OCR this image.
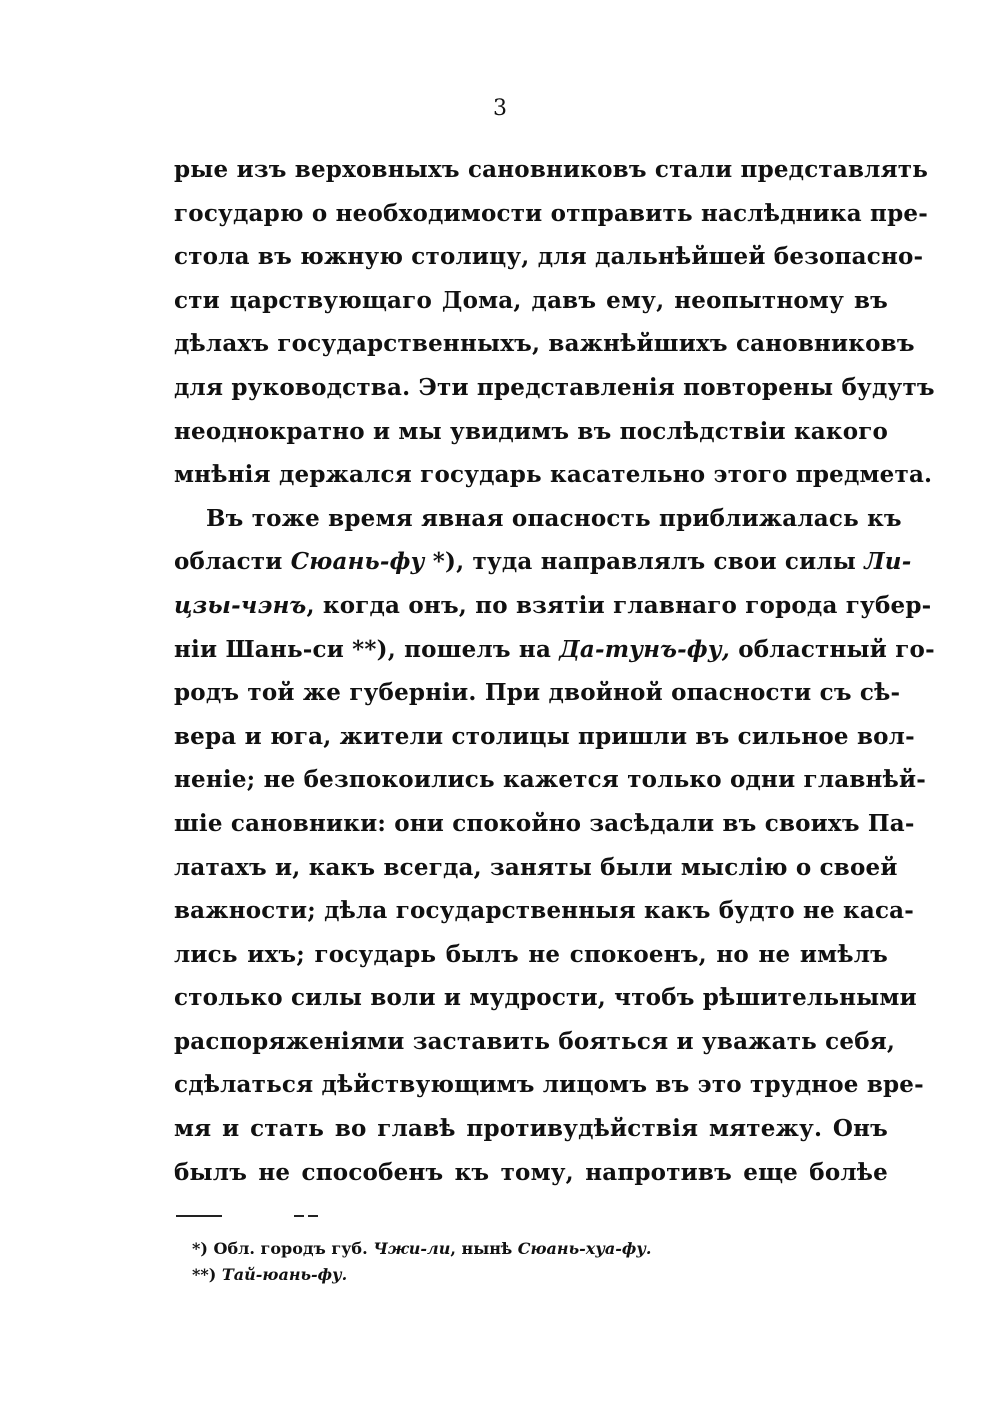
3
рые изъ верховныхъ сановниковъ стали представлять
государю о необходимости отправить наслѣдника пре-
стола въ южную столицу, для дальнѣйшей безопасно-
сти царствующаго Дома, давъ ему, неопытному въ
дѣлахъ государственныхъ, важнѣйшихъ сановниковъ
для руководства. Эти представленія повторены будутъ
неоднократно и мы увидимъ въ послѣдствіи какого
мнѣнія держался государь касательно этого предмета.
Въ тоже время явная опасность приближалась къ
области Сюань-фу *), туда направлялъ свои силы Ли-
цзы-чэнъ, когда онъ, по взятіи главнаго города губер-
ніи Шань-си **), пошелъ на Да-тунъ-фу, областный го-
родъ той же губерніи. При двойной опасности съ сѣ-
вера и юга, жители столицы пришли въ сильное вол-
неніе; не безпокоились кажется только одни главнѣй-
шіе сановники: они спокойно засѣдали въ своихъ Па-
латахъ и, какъ всегда, заняты были мыслію о своей
важности; дѣла государственныя какъ будто не каса-
лись ихъ; государь былъ не спокоенъ, но не имѣлъ
столько силы воли и мудрости, чтобъ рѣшительными
распоряженіями заставить бояться и уважать себя,
сдѣлаться дѣйствующимъ лицомъ въ это трудное вре-
мя и стать во главѣ противудѣйствія мятежу. Онъ
былъ не способенъ къ тому, напротивъ еще болѣе
*) Обл. городъ губ. Чжи-ли, нынѣ Сюань-хуа-фу.
**) Тай-юань-фу.
